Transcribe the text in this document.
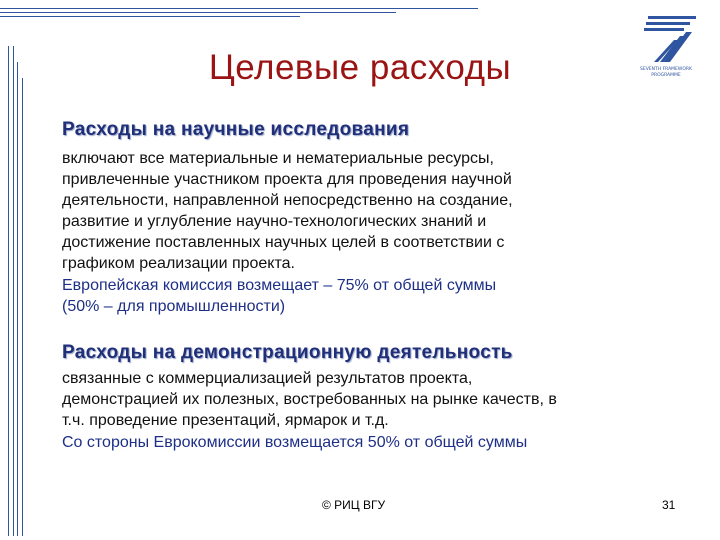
SEVENTH FRAMEWORK
PROGRAMME
Целевые расходы
Расходы на научные исследования
включают все материальные и нематериальные ресурсы,
привлеченные участником проекта для проведения научной
деятельности, направленной непосредственно на создание,
развитие и углубление научно-технологических знаний и
достижение поставленных научных целей в соответствии с
графиком реализации проекта.
Европейская комиссия возмещает – 75% от общей суммы
(50% – для промышленности)
Расходы на демонстрационную деятельность
связанные с коммерциализацией результатов проекта,
демонстрацией их полезных, востребованных на рынке качеств, в
т.ч. проведение презентаций, ярмарок и т.д.
Со стороны Еврокомиссии возмещается 50% от общей суммы
© РИЦ ВГУ	31
